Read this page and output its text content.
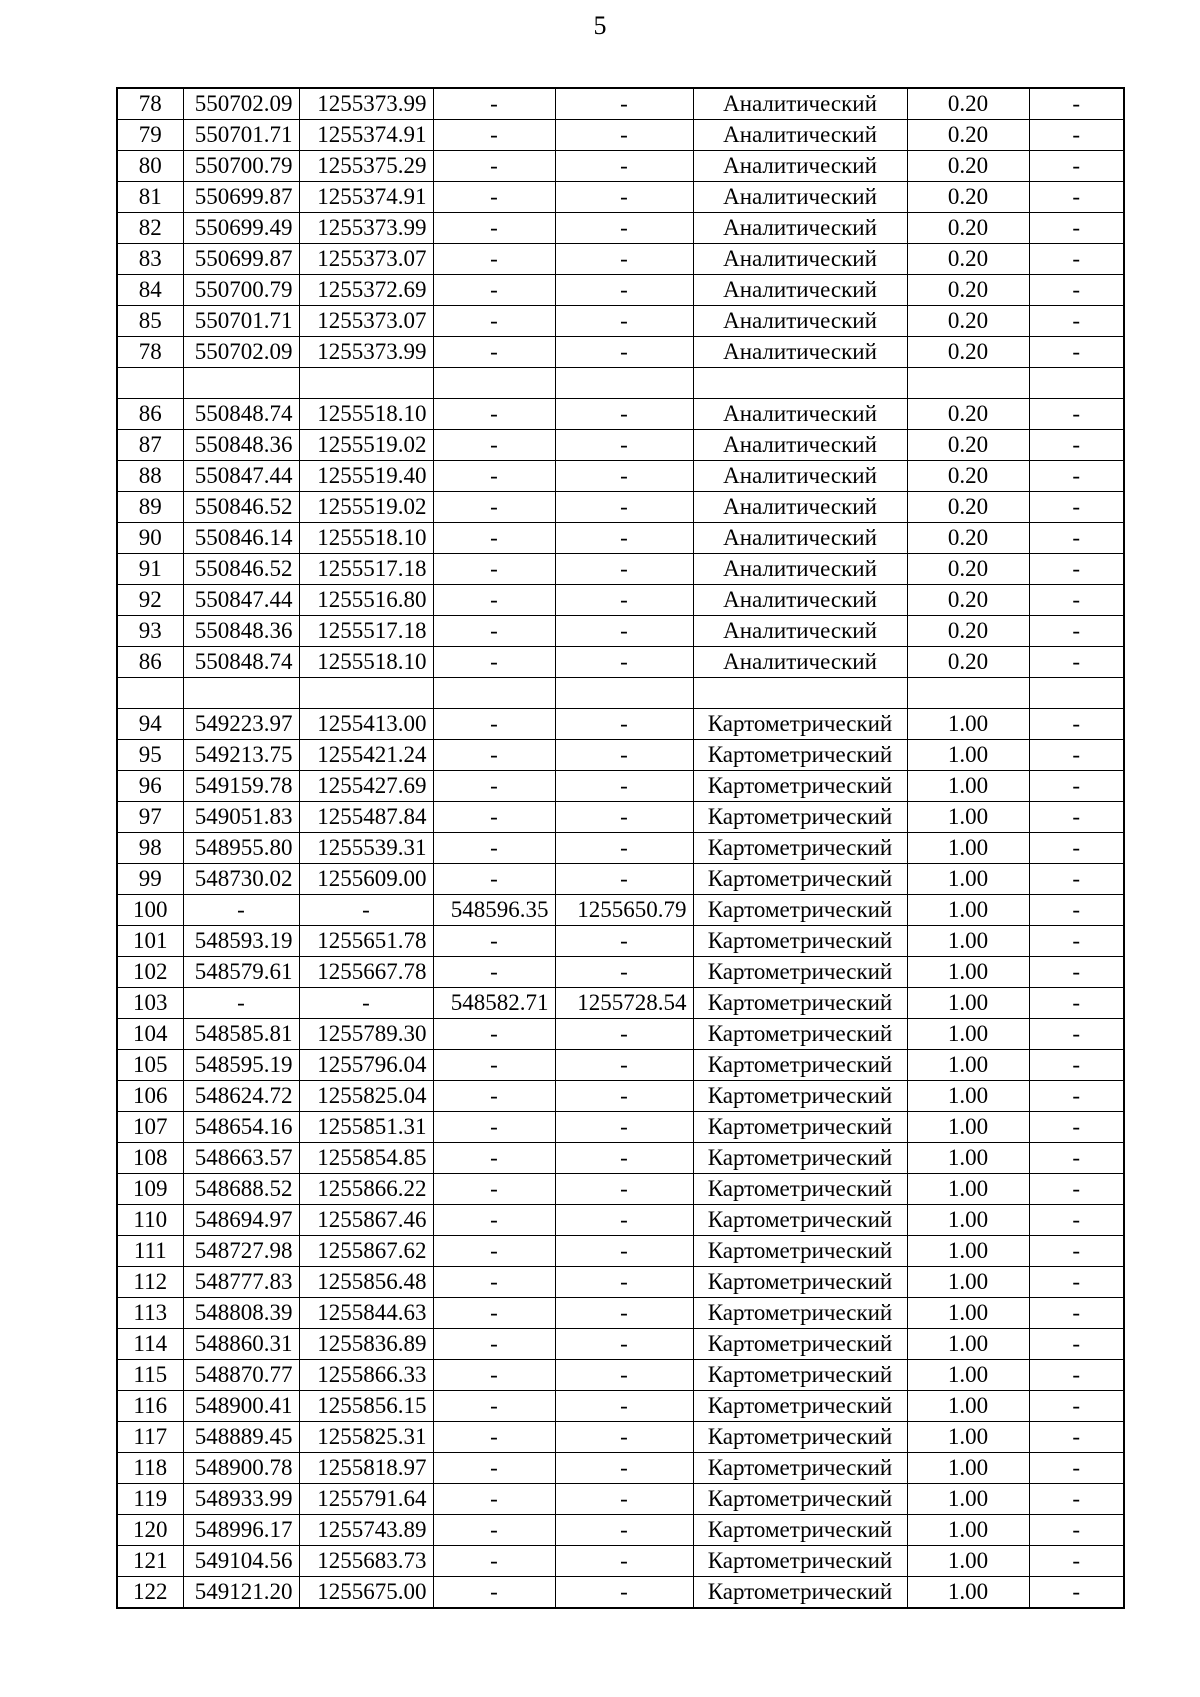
5
78	550702.09	1255373.99	-	-	Аналитический	0.20	-
79	550701.71	1255374.91	-	-	Аналитический	0.20	-
80	550700.79	1255375.29	-	-	Аналитический	0.20	-
81	550699.87	1255374.91	-	-	Аналитический	0.20	-
82	550699.49	1255373.99	-	-	Аналитический	0.20	-
83	550699.87	1255373.07	-	-	Аналитический	0.20	-
84	550700.79	1255372.69	-	-	Аналитический	0.20	-
85	550701.71	1255373.07	-	-	Аналитический	0.20	-
78	550702.09	1255373.99	-	-	Аналитический	0.20	-

86	550848.74	1255518.10	-	-	Аналитический	0.20	-
87	550848.36	1255519.02	-	-	Аналитический	0.20	-
88	550847.44	1255519.40	-	-	Аналитический	0.20	-
89	550846.52	1255519.02	-	-	Аналитический	0.20	-
90	550846.14	1255518.10	-	-	Аналитический	0.20	-
91	550846.52	1255517.18	-	-	Аналитический	0.20	-
92	550847.44	1255516.80	-	-	Аналитический	0.20	-
93	550848.36	1255517.18	-	-	Аналитический	0.20	-
86	550848.74	1255518.10	-	-	Аналитический	0.20	-

94	549223.97	1255413.00	-	-	Картометрический	1.00	-
95	549213.75	1255421.24	-	-	Картометрический	1.00	-
96	549159.78	1255427.69	-	-	Картометрический	1.00	-
97	549051.83	1255487.84	-	-	Картометрический	1.00	-
98	548955.80	1255539.31	-	-	Картометрический	1.00	-
99	548730.02	1255609.00	-	-	Картометрический	1.00	-
100	-	-	548596.35	1255650.79	Картометрический	1.00	-
101	548593.19	1255651.78	-	-	Картометрический	1.00	-
102	548579.61	1255667.78	-	-	Картометрический	1.00	-
103	-	-	548582.71	1255728.54	Картометрический	1.00	-
104	548585.81	1255789.30	-	-	Картометрический	1.00	-
105	548595.19	1255796.04	-	-	Картометрический	1.00	-
106	548624.72	1255825.04	-	-	Картометрический	1.00	-
107	548654.16	1255851.31	-	-	Картометрический	1.00	-
108	548663.57	1255854.85	-	-	Картометрический	1.00	-
109	548688.52	1255866.22	-	-	Картометрический	1.00	-
110	548694.97	1255867.46	-	-	Картометрический	1.00	-
111	548727.98	1255867.62	-	-	Картометрический	1.00	-
112	548777.83	1255856.48	-	-	Картометрический	1.00	-
113	548808.39	1255844.63	-	-	Картометрический	1.00	-
114	548860.31	1255836.89	-	-	Картометрический	1.00	-
115	548870.77	1255866.33	-	-	Картометрический	1.00	-
116	548900.41	1255856.15	-	-	Картометрический	1.00	-
117	548889.45	1255825.31	-	-	Картометрический	1.00	-
118	548900.78	1255818.97	-	-	Картометрический	1.00	-
119	548933.99	1255791.64	-	-	Картометрический	1.00	-
120	548996.17	1255743.89	-	-	Картометрический	1.00	-
121	549104.56	1255683.73	-	-	Картометрический	1.00	-
122	549121.20	1255675.00	-	-	Картометрический	1.00	-
